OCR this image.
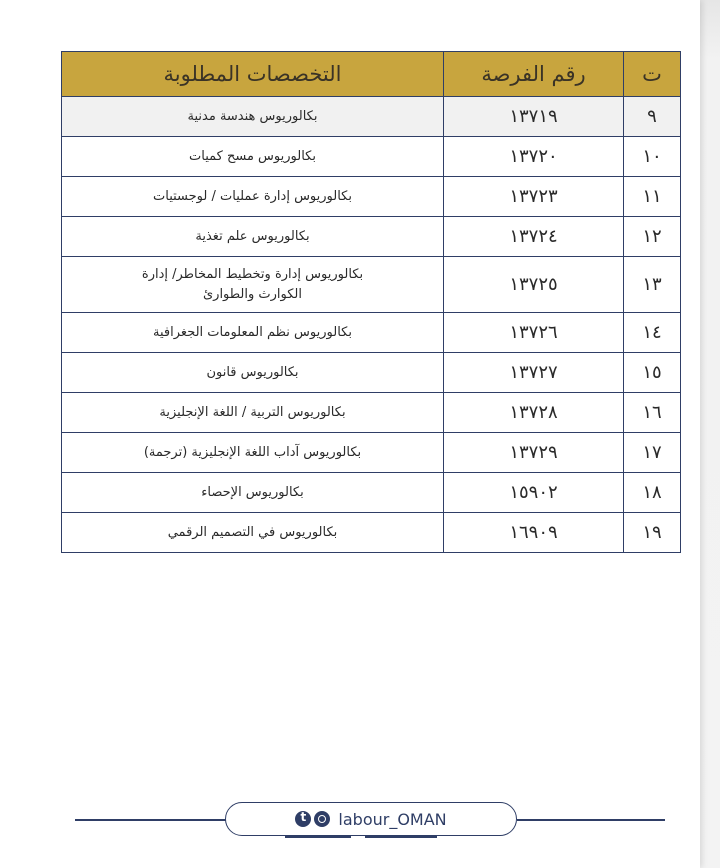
ت	رقم الفرصة	التخصصات المطلوبة
٩	١٣٧١٩	بكالوريوس هندسة مدنية
١٠	١٣٧٢٠	بكالوريوس مسح كميات
١١	١٣٧٢٣	بكالوريوس إدارة عمليات / لوجستيات
١٢	١٣٧٢٤	بكالوريوس علم تغذية
١٣	١٣٧٢٥	بكالوريوس إدارة وتخطيط المخاطر/ إدارة الكوارث والطوارئ
١٤	١٣٧٢٦	بكالوريوس نظم المعلومات الجغرافية
١٥	١٣٧٢٧	بكالوريوس قانون
١٦	١٣٧٢٨	بكالوريوس التربية / اللغة الإنجليزية
١٧	١٣٧٢٩	بكالوريوس آداب اللغة الإنجليزية (ترجمة)
١٨	١٥٩٠٢	بكالوريوس الإحصاء
١٩	١٦٩٠٩	بكالوريوس في التصميم الرقمي
t labour_OMAN
